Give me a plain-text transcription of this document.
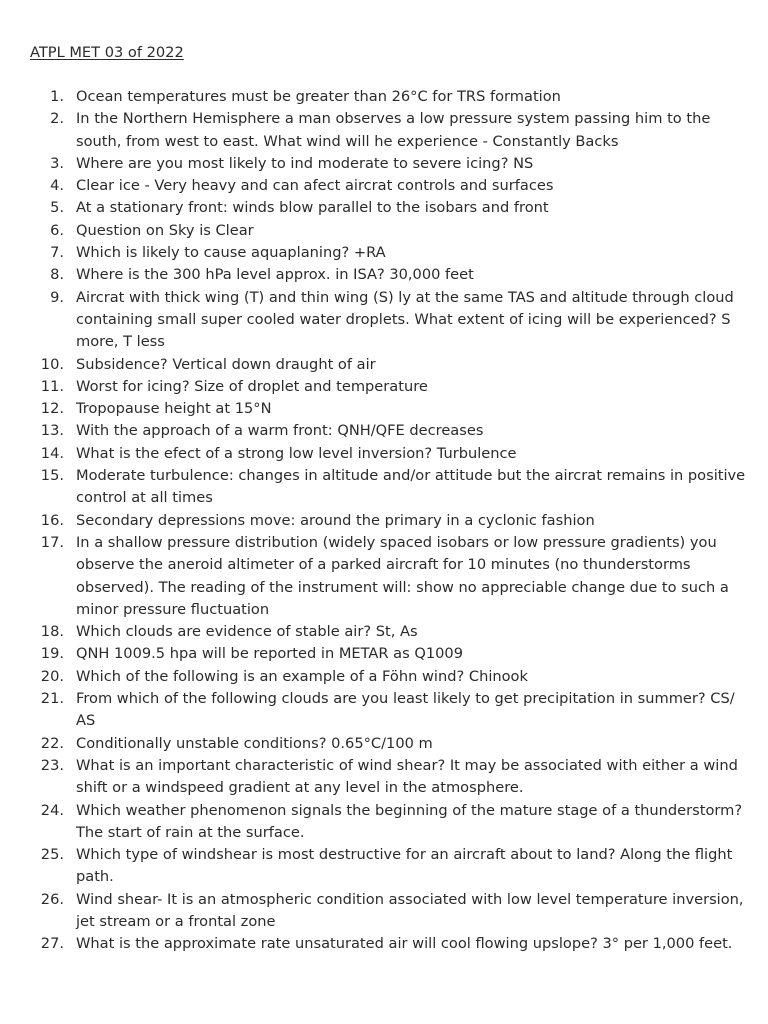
ATPL MET 03 of 2022
1. Ocean temperatures must be greater than 26°C for TRS formation
2. In the Northern Hemisphere a man observes a low pressure system passing him to the south, from west to east. What wind will he experience - Constantly Backs
3. Where are you most likely to ind moderate to severe icing? NS
4. Clear ice - Very heavy and can afect aircrat controls and surfaces
5. At a stationary front: winds blow parallel to the isobars and front
6. Question on Sky is Clear
7. Which is likely to cause aquaplaning? +RA
8. Where is the 300 hPa level approx. in ISA? 30,000 feet
9. Aircrat with thick wing (T) and thin wing (S) ly at the same TAS and altitude through cloud containing small super cooled water droplets. What extent of icing will be experienced? S more, T less
10. Subsidence? Vertical down draught of air
11. Worst for icing? Size of droplet and temperature
12. Tropopause height at 15°N
13. With the approach of a warm front: QNH/QFE decreases
14. What is the efect of a strong low level inversion? Turbulence
15. Moderate turbulence: changes in altitude and/or attitude but the aircrat remains in positive control at all times
16. Secondary depressions move: around the primary in a cyclonic fashion
17. In a shallow pressure distribution (widely spaced isobars or low pressure gradients) you observe the aneroid altimeter of a parked aircraft for 10 minutes (no thunderstorms observed). The reading of the instrument will: show no appreciable change due to such a minor pressure fluctuation
18. Which clouds are evidence of stable air? St, As
19. QNH 1009.5 hpa will be reported in METAR as Q1009
20. Which of the following is an example of a Föhn wind? Chinook
21. From which of the following clouds are you least likely to get precipitation in summer? CS/ AS
22. Conditionally unstable conditions? 0.65°C/100 m
23. What is an important characteristic of wind shear? It may be associated with either a wind shift or a windspeed gradient at any level in the atmosphere.
24. Which weather phenomenon signals the beginning of the mature stage of a thunderstorm? The start of rain at the surface.
25. Which type of windshear is most destructive for an aircraft about to land? Along the flight path.
26. Wind shear- It is an atmospheric condition associated with low level temperature inversion, jet stream or a frontal zone
27. What is the approximate rate unsaturated air will cool flowing upslope? 3° per 1,000 feet.
